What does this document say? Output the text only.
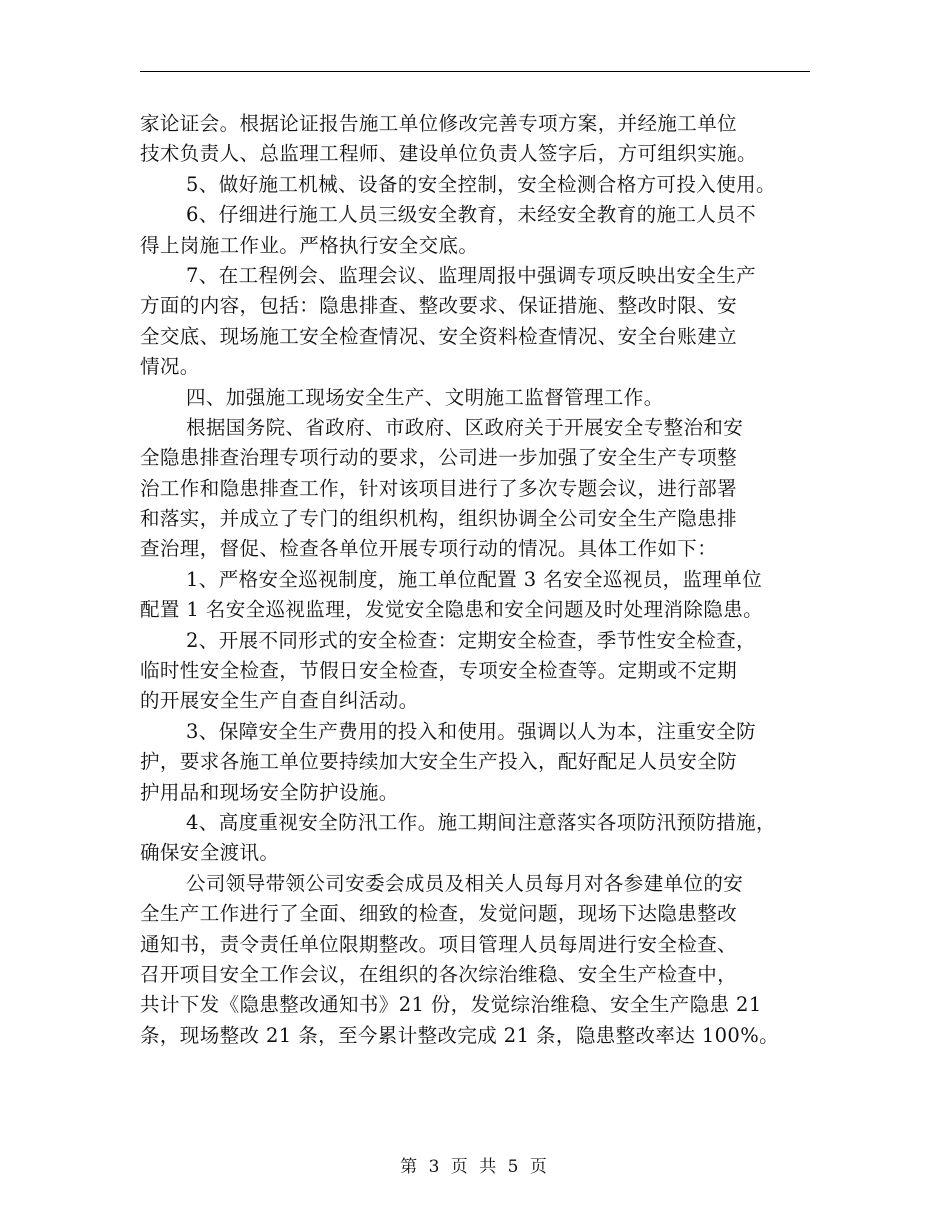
家论证会。根据论证报告施工单位修改完善专项方案，并经施工单位
技术负责人、总监理工程师、建设单位负责人签字后，方可组织实施。
5、做好施工机械、设备的安全控制，安全检测合格方可投入使用。
6、仔细进行施工人员三级安全教育，未经安全教育的施工人员不
得上岗施工作业。严格执行安全交底。
7、在工程例会、监理会议、监理周报中强调专项反映出安全生产
方面的内容，包括：隐患排查、整改要求、保证措施、整改时限、安
全交底、现场施工安全检查情况、安全资料检查情况、安全台账建立
情况。
四、加强施工现场安全生产、文明施工监督管理工作。
根据国务院、省政府、市政府、区政府关于开展安全专整治和安
全隐患排查治理专项行动的要求，公司进一步加强了安全生产专项整
治工作和隐患排查工作，针对该项目进行了多次专题会议，进行部署
和落实，并成立了专门的组织机构，组织协调全公司安全生产隐患排
查治理，督促、检查各单位开展专项行动的情况。具体工作如下：
1、严格安全巡视制度，施工单位配置 3 名安全巡视员，监理单位
配置 1 名安全巡视监理，发觉安全隐患和安全问题及时处理消除隐患。
2、开展不同形式的安全检查：定期安全检查，季节性安全检查，
临时性安全检查，节假日安全检查，专项安全检查等。定期或不定期
的开展安全生产自查自纠活动。
3、保障安全生产费用的投入和使用。强调以人为本，注重安全防
护，要求各施工单位要持续加大安全生产投入，配好配足人员安全防
护用品和现场安全防护设施。
4、高度重视安全防汛工作。施工期间注意落实各项防汛预防措施，
确保安全渡讯。
公司领导带领公司安委会成员及相关人员每月对各参建单位的安
全生产工作进行了全面、细致的检查，发觉问题，现场下达隐患整改
通知书，责令责任单位限期整改。项目管理人员每周进行安全检查、
召开项目安全工作会议，在组织的各次综治维稳、安全生产检查中，
共计下发《隐患整改通知书》21 份，发觉综治维稳、安全生产隐患 21
条，现场整改 21 条，至今累计整改完成 21 条，隐患整改率达 100%。
第 3 页 共 5 页
